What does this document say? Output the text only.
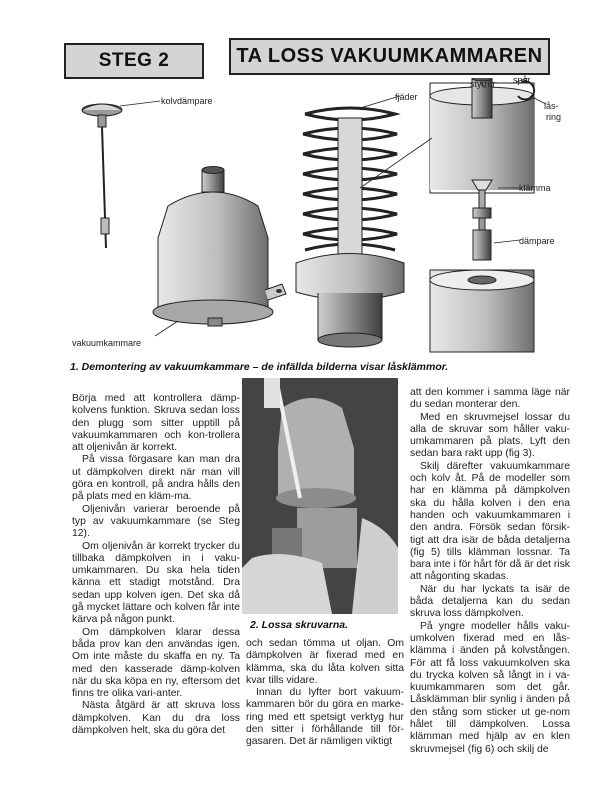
STEG 2	TA LOSS VAKUUMKAMMAREN
kolvdämpare
vakuumkammare
fjäder
styrrör spår
lås-
ring
klämma
dämpare
1. Demontering av vakuumkammare – de infällda bilderna visar låsklämmor.
2. Lossa skruvarna.

Börja med att kontrollera dämp-kolvens funktion. Skruva sedan loss den plugg som sitter upptill på vakuumkammaren och kon-trollera att oljenivån är korrekt.

På vissa förgasare kan man dra ut dämpkolven direkt när man vill göra en kontroll, på andra hålls den på plats med en kläm-ma.

Oljenivån varierar beroende på typ av vakuumkammare (se Steg 12).

Om oljenivån är korrekt trycker du tillbaka dämpkolven in i vaku-umkammaren. Du ska hela tiden känna ett stadigt motstånd. Dra sedan upp kolven igen. Det ska då gå mycket lättare och kolven får inte kärva på någon punkt.

Om dämpkolven klarar dessa båda prov kan den användas igen. Om inte måste du skaffa en ny. Ta med den kasserade dämp-kolven när du ska köpa en ny, eftersom det finns tre olika vari-anter.

Nästa åtgärd är att skruva loss dämpkolven. Kan du dra loss dämpkolven helt, ska du göra det

och sedan tömma ut oljan. Om dämpkolven är fixerad med en klämma, ska du låta kolven sitta kvar tills vidare.

Innan du lyfter bort vakuum-kammaren bör du göra en marke-ring med ett spetsigt verktyg hur den sitter i förhållande till för-gasaren. Det är nämligen viktigt

att den kommer i samma läge när du sedan monterar den.

Med en skruvmejsel lossar du alla de skruvar som håller vaku-umkammaren på plats. Lyft den sedan bara rakt upp (fig 3).

Skilj därefter vakuumkammare och kolv åt. På de modeller som har en klämma på dämpkolven ska du hålla kolven i den ena handen och vakuumkammaren i den andra. Försök sedan försik-tigt att dra isär de båda detaljerna (fig 5) tills klämman lossnar. Ta bara inte i för hårt för då är det risk att någonting skadas.

När du har lyckats ta isär de båda detaljerna kan du sedan skruva loss dämpkolven.

På yngre modeller hålls vaku-umkolven fixerad med en lås-klämma i änden på kolvstången. För att få loss vakuumkolven ska du trycka kolven så långt in i va-kuumkammaren som det går. Låsklämman blir synlig i änden på den stång som sticker ut ge-nom hålet till dämpkolven. Lossa klämman med hjälp av en klen skruvmejsel (fig 6) och skilj de
